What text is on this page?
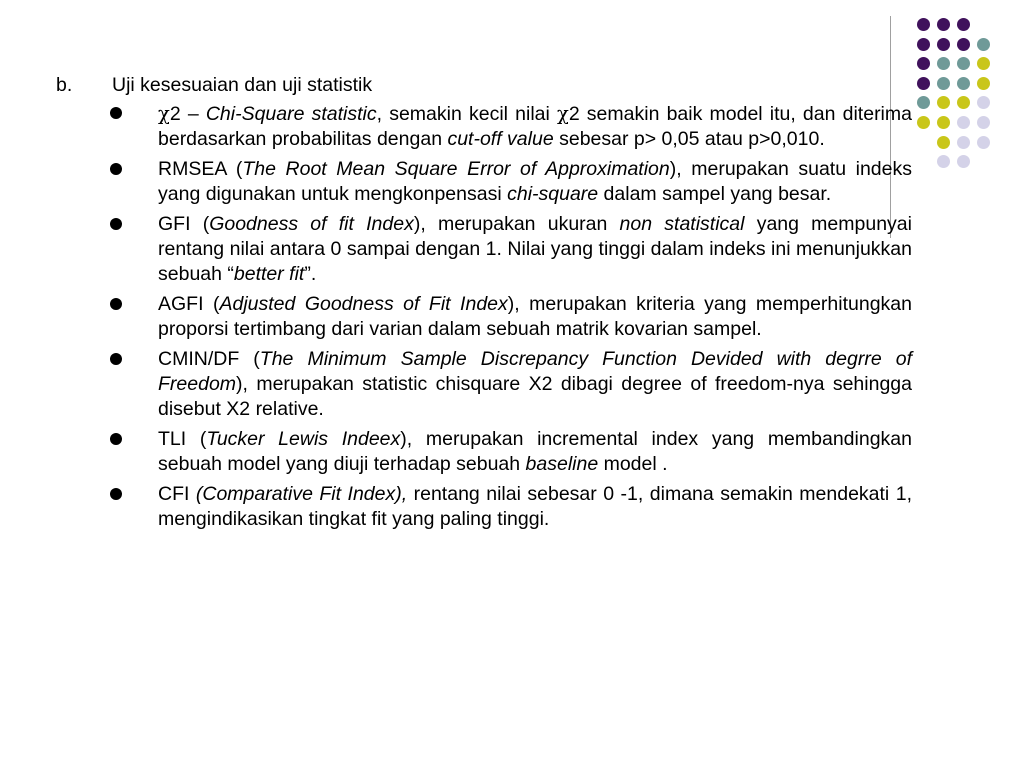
b.	Uji kesesuaian dan uji statistik
χ2 – Chi-Square statistic, semakin kecil nilai χ2 semakin baik model itu, dan diterima berdasarkan probabilitas dengan cut-off value sebesar p> 0,05 atau p>0,010.
RMSEA (The Root Mean Square Error of Approximation), merupakan suatu indeks yang digunakan untuk mengkonpensasi chi-square dalam sampel yang besar.
GFI (Goodness of fit Index), merupakan ukuran non statistical yang mempunyai rentang nilai antara 0 sampai dengan 1. Nilai yang tinggi dalam indeks ini menunjukkan sebuah “better fit”.
AGFI (Adjusted Goodness of Fit Index), merupakan kriteria yang memperhitungkan proporsi tertimbang dari varian dalam sebuah matrik kovarian sampel.
CMIN/DF (The Minimum Sample Discrepancy Function Devided with degrre of Freedom), merupakan statistic chisquare X2 dibagi degree of freedom-nya sehingga disebut X2 relative.
TLI (Tucker Lewis Indeex), merupakan incremental index yang membandingkan sebuah model yang diuji terhadap sebuah baseline model .
CFI (Comparative Fit Index), rentang nilai sebesar 0 -1, dimana semakin mendekati 1, mengindikasikan tingkat fit yang paling tinggi.
